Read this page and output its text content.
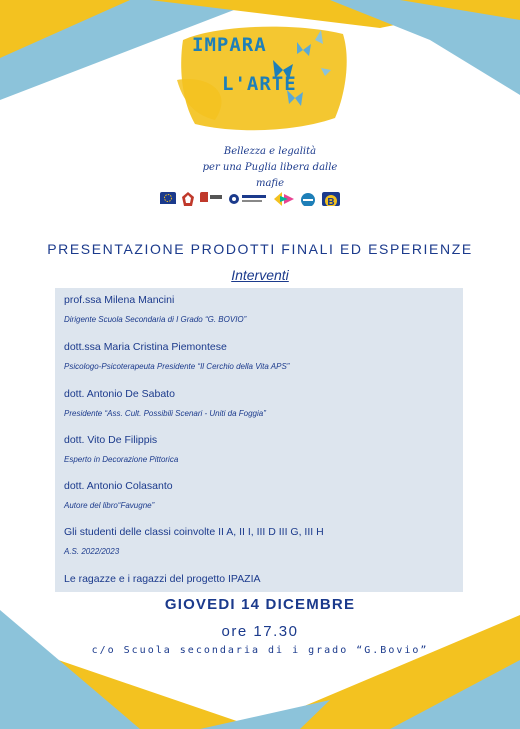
IMPARA
L'ARTE
Bellezza e legalità
per una Puglia libera dalle mafie
B
PRESENTAZIONE PRODOTTI FINALI ED ESPERIENZE
Interventi
prof.ssa Milena Mancini
Dirigente Scuola Secondaria di I Grado “G. BOVIO”
dott.ssa Maria Cristina Piemontese
Psicologo-Psicoterapeuta Presidente “Il Cerchio della Vita APS”
dott. Antonio De Sabato
Presidente “Ass. Cult. Possibili Scenari - Uniti da Foggia”
dott. Vito De Filippis
Esperto in Decorazione Pittorica
dott. Antonio Colasanto
Autore del libro“Favugne”
Gli studenti delle classi coinvolte II A, II I, III D III G, III H
A.S. 2022/2023
Le ragazze e i ragazzi del progetto IPAZIA
GIOVEDI 14 DICEMBRE
ore 17.30
c/o Scuola secondaria di i grado “G.Bovio”
